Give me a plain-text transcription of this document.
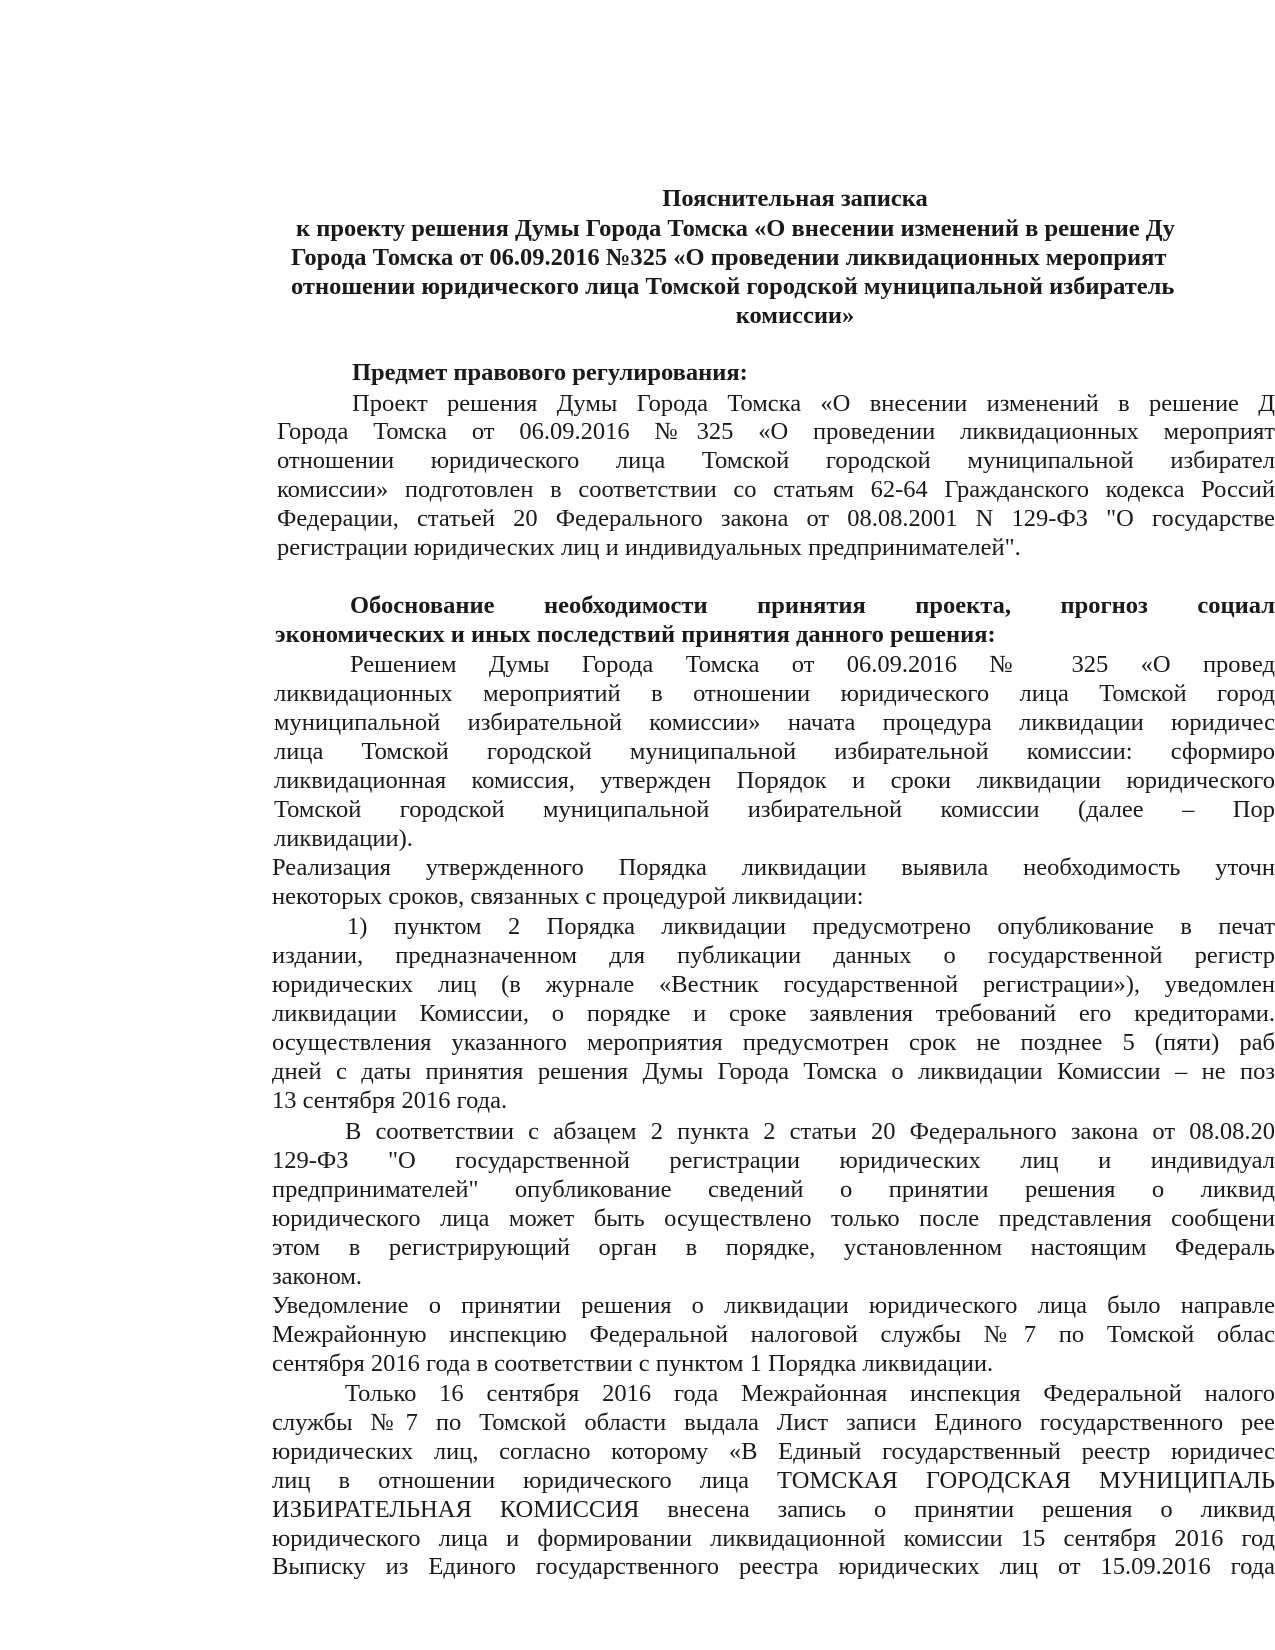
Пояснительная записка
к проекту решения Думы Города Томска «О внесении изменений в решение Ду
Города Томска от 06.09.2016 №325 «О проведении ликвидационных мероприят
отношении юридического лица Томской городской муниципальной избиратель
комиссии»
Предмет правового регулирования:
Проект решения Думы Города Томска «О внесении изменений в решение Д
Города Томска от 06.09.2016 №325 «О проведении ликвидационных мероприят
отношении юридического лица Томской городской муниципальной избирател
комиссии» подготовлен в соответствии со статьям 62-64 Гражданского кодекса Россий
Федерации, статьей 20 Федерального закона от 08.08.2001 N 129-ФЗ "О государстве
регистрации юридических лиц и индивидуальных предпринимателей".
Обоснование необходимости принятия проекта, прогноз социал
экономических и иных последствий принятия данного решения:
Решением Думы Города Томска от 06.09.2016 № 325 «О провед
ликвидационных мероприятий в отношении юридического лица Томской город
муниципальной избирательной комиссии» начата процедура ликвидации юридичес
лица Томской городской муниципальной избирательной комиссии: сформиро
ликвидационная комиссия, утвержден Порядок и сроки ликвидации юридического
Томской городской муниципальной избирательной комиссии (далее – Пор
ликвидации).
Реализация утвержденного Порядка ликвидации выявила необходимость уточн
некоторых сроков, связанных с процедурой ликвидации:
1) пунктом 2 Порядка ликвидации предусмотрено опубликование в печат
издании, предназначенном для публикации данных о государственной регистр
юридических лиц (в журнале «Вестник государственной регистрации»), уведомлен
ликвидации Комиссии, о порядке и сроке заявления требований его кредиторами.
осуществления указанного мероприятия предусмотрен срок не позднее 5 (пяти) раб
дней с даты принятия решения Думы Города Томска о ликвидации Комиссии – не поз
13 сентября 2016 года.
В соответствии с абзацем 2 пункта 2 статьи 20 Федерального закона от 08.08.20
129-ФЗ "О государственной регистрации юридических лиц и индивидуал
предпринимателей" опубликование сведений о принятии решения о ликвид
юридического лица может быть осуществлено только после представления сообщени
этом в регистрирующий орган в порядке, установленном настоящим Федераль
законом.
Уведомление о принятии решения о ликвидации юридического лица было направле
Межрайонную инспекцию Федеральной налоговой службы №7 по Томской облас
сентября 2016 года в соответствии с пунктом 1 Порядка ликвидации.
Только 16 сентября 2016 года Межрайонная инспекция Федеральной налого
службы №7 по Томской области выдала Лист записи Единого государственного рее
юридических лиц, согласно которому «В Единый государственный реестр юридичес
лиц в отношении юридического лица ТОМСКАЯ ГОРОДСКАЯ МУНИЦИПАЛЬ
ИЗБИРАТЕЛЬНАЯ КОМИССИЯ внесена запись о принятии решения о ликвид
юридического лица и формировании ликвидационной комиссии 15 сентября 2016 год
Выписку из Единого государственного реестра юридических лиц от 15.09.2016 года
